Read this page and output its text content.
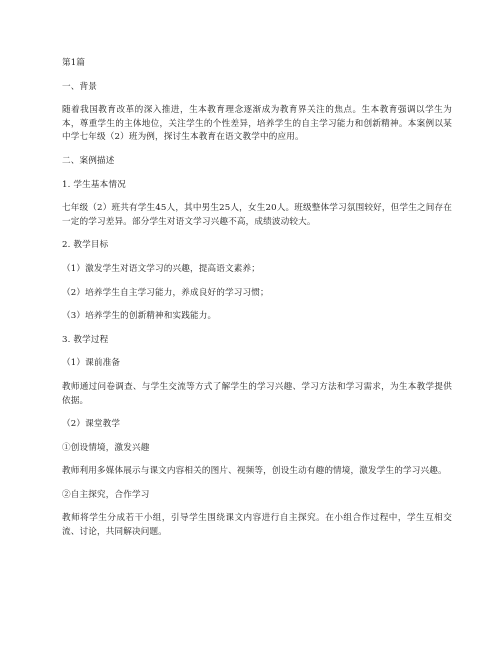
第1篇

一、背景

随着我国教育改革的深入推进，生本教育理念逐渐成为教育界关注的焦点。生本教育强调以学生为本，尊重学生的主体地位，关注学生的个性差异，培养学生的自主学习能力和创新精神。本案例以某中学七年级（2）班为例，探讨生本教育在语文教学中的应用。

二、案例描述

1. 学生基本情况

七年级（2）班共有学生45人，其中男生25人，女生20人。班级整体学习氛围较好，但学生之间存在一定的学习差异。部分学生对语文学习兴趣不高，成绩波动较大。

2. 教学目标

（1）激发学生对语文学习的兴趣，提高语文素养；

（2）培养学生自主学习能力，养成良好的学习习惯；

（3）培养学生的创新精神和实践能力。

3. 教学过程

（1）课前准备

教师通过问卷调查、与学生交流等方式了解学生的学习兴趣、学习方法和学习需求，为生本教学提供依据。

（2）课堂教学

①创设情境，激发兴趣

教师利用多媒体展示与课文内容相关的图片、视频等，创设生动有趣的情境，激发学生的学习兴趣。

②自主探究，合作学习

教师将学生分成若干小组，引导学生围绕课文内容进行自主探究。在小组合作过程中，学生互相交流、讨论，共同解决问题。
